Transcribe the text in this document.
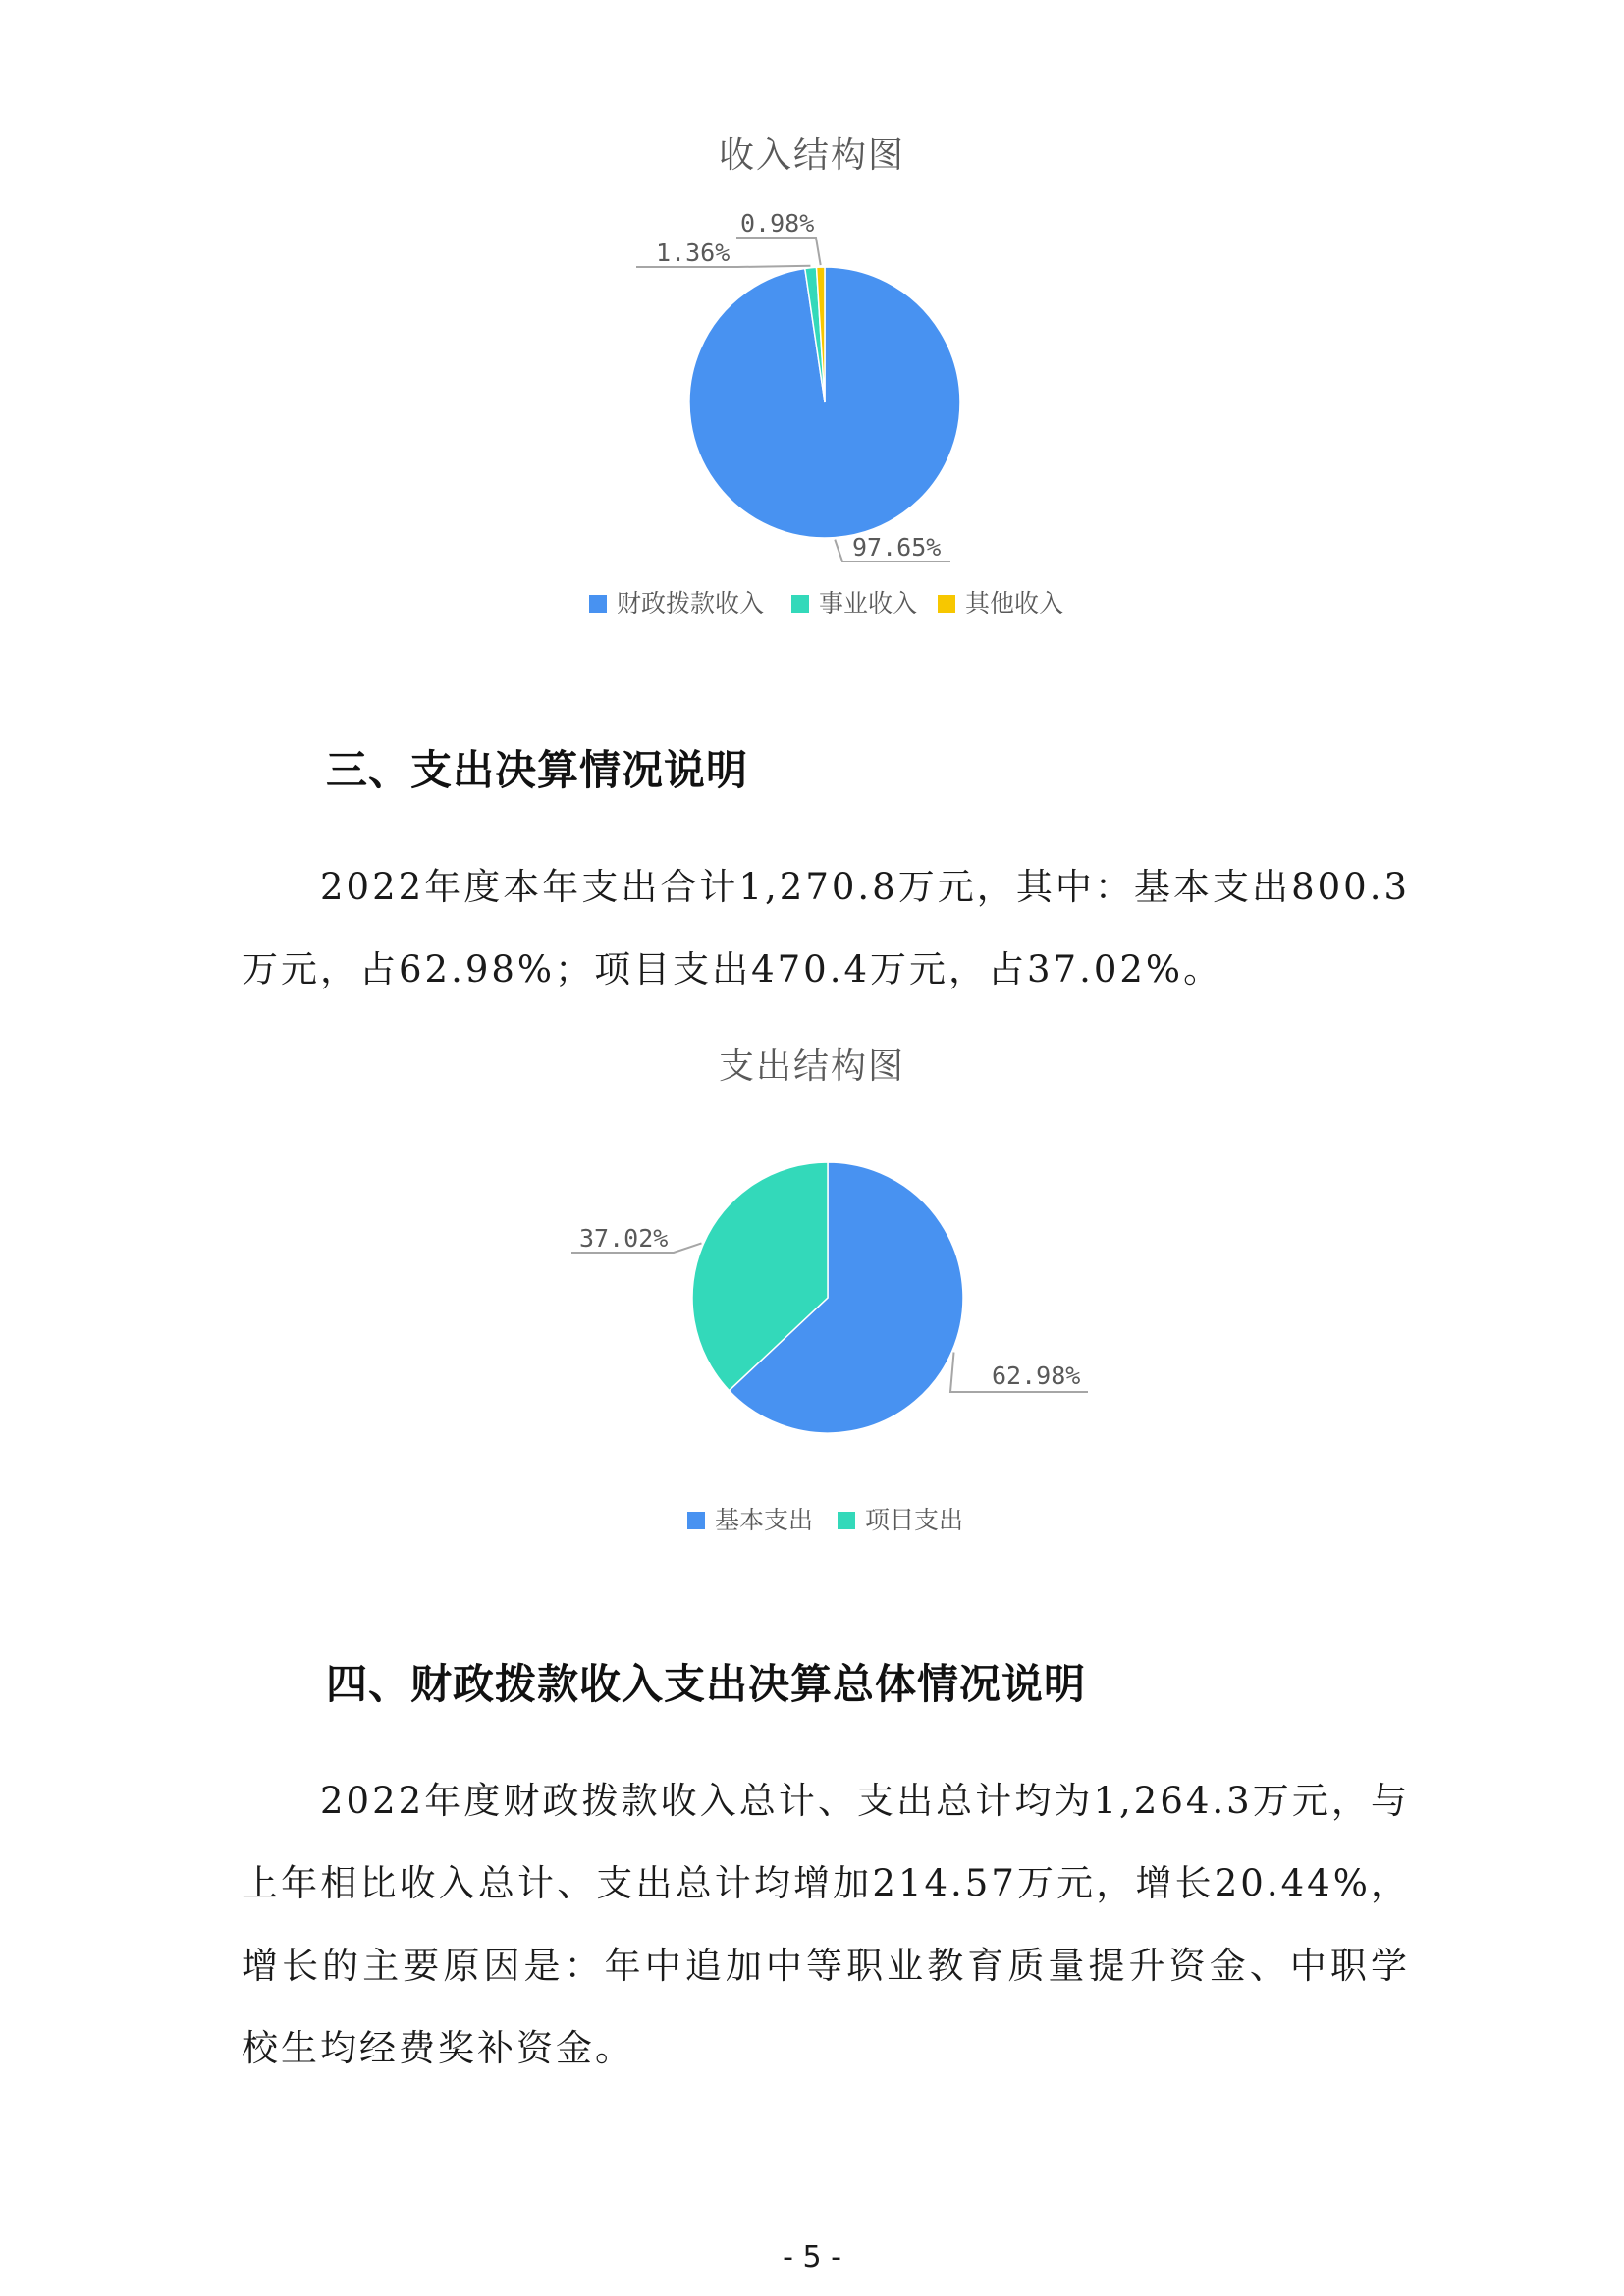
收入结构图
97.65%
1.36%
0.98%
财政拨款收入 事业收入 其他收入
三、支出决算情况说明
2022年度本年支出合计1,270.8万元，其中：基本支出800.3万元，占62.98%；项目支出470.4万元，占37.02%。
支出结构图
62.98%
37.02%
基本支出 项目支出
四、财政拨款收入支出决算总体情况说明
2022年度财政拨款收入总计、支出总计均为1,264.3万元，与上年相比收入总计、支出总计均增加214.57万元，增长20.44%，增长的主要原因是：年中追加中等职业教育质量提升资金、中职学校生均经费奖补资金。
- 5 -
